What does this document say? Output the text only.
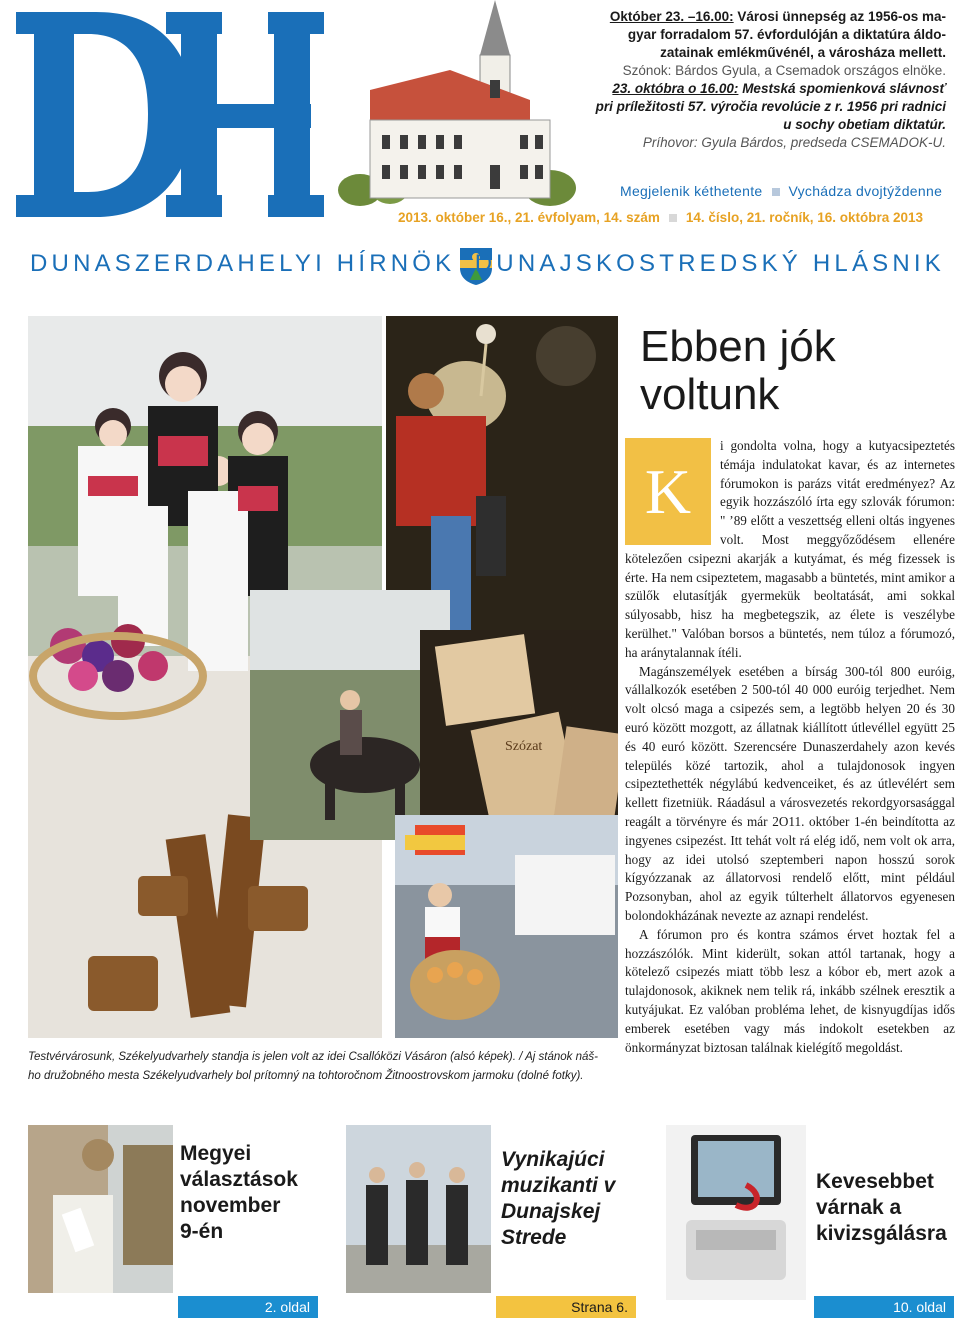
Október 23. –16.00: Városi ünnepség az 1956-os ma-
gyar forradalom 57. évfordulóján a diktatúra áldo-
zatainak emlékművénél, a városháza mellett.
Szónok: Bárdos Gyula, a Csemadok országos elnöke.
23. októbra o 16.00: Mestská spomienková slávnosť
pri príležitosti 57. výročia revolúcie z r. 1956 pri radnici
u sochy obetiam diktatúr.
Príhovor: Gyula Bárdos, predseda CSEMADOK-U.
Megjelenik kéthetente Vychádza dvojtýždenne
2013. október 16., 21. évfolyam, 14. szám 14. číslo, 21. ročník, 16. októbra 2013
DUNASZERDAHELYI HÍRNÖK DUNAJSKOSTREDSKÝ HLÁSNIK
Szózat
Testvérvárosunk, Székelyudvarhely standja is jelen volt az idei Csallóközi Vásáron (alsó képek). / Aj stánok náš-
ho družobného mesta Székelyudvarhely bol prítomný na tohtoročnom Žitnoostrovskom jarmoku (dolné fotky).
Ebben jók
voltunk
K

i gondolta volna, hogy a kutyacsipeztetés témája indulatokat kavar, és az internetes fórumokon is parázs vitát eredményez? Az egyik hozzászóló írta egy szlovák fórumon: " ’89 előtt a veszettség elleni oltás ingyenes volt. Most meggyőződésem ellenére kötelezően csipezni akarják a kutyámat, és még fizessek is érte. Ha nem csipeztetem, magasabb a büntetés, mint amikor a szülők elutasítják gyermekük beoltatását, ami sokkal súlyosabb, hisz ha megbetegszik, az élete is veszélybe kerülhet." Valóban borsos a büntetés, nem túloz a fórumozó, ha aránytalannak ítéli.

Magánszemélyek esetében a bírság 300-tól 800 euróig, vállalkozók esetében 2 500-tól 40 000 euróig terjedhet. Nem volt olcsó maga a csipezés sem, a legtöbb helyen 20 és 30 euró között mozgott, az állatnak kiállított útlevéllel együtt 25 és 40 euró között. Szerencsére Dunaszerdahely azon kevés település közé tartozik, ahol a tulajdonosok ingyen csipeztethették négylábú kedvenceiket, és az útlevélért sem kellett fizetniük. Ráadásul a városvezetés rekordgyorsasággal reagált a törvényre és már 2O11. október 1-én beindította az ingyenes csipezést. Itt tehát volt rá elég idő, nem volt ok arra, hogy az idei utolsó szeptemberi napon hosszú sorok kígyózzanak az állatorvosi rendelő előtt, mint például Pozsonyban, ahol az egyik túlterhelt állatorvos egyenesen bolondokházának nevezte az aznapi rendelést.

A fórumon pro és kontra számos érvet hoztak fel a hozzászólók. Mint kiderült, sokan attól tartanak, hogy a kötelező csipezés miatt több lesz a kóbor eb, mert azok a tulajdonosok, akiknek nem telik rá, inkább szélnek eresztik a kutyájukat. Ez valóban probléma lehet, de kisnyugdíjas idős emberek esetében vagy más indokolt esetekben az önkormányzat biztosan találnak kielégítő megoldást.

Megyei
választások
november
9-én
2. oldal
Vynikajúci
muzikanti v
Dunajskej
Strede
Strana 6.
Kevesebbet
várnak a
kivizsgálásra
10. oldal
